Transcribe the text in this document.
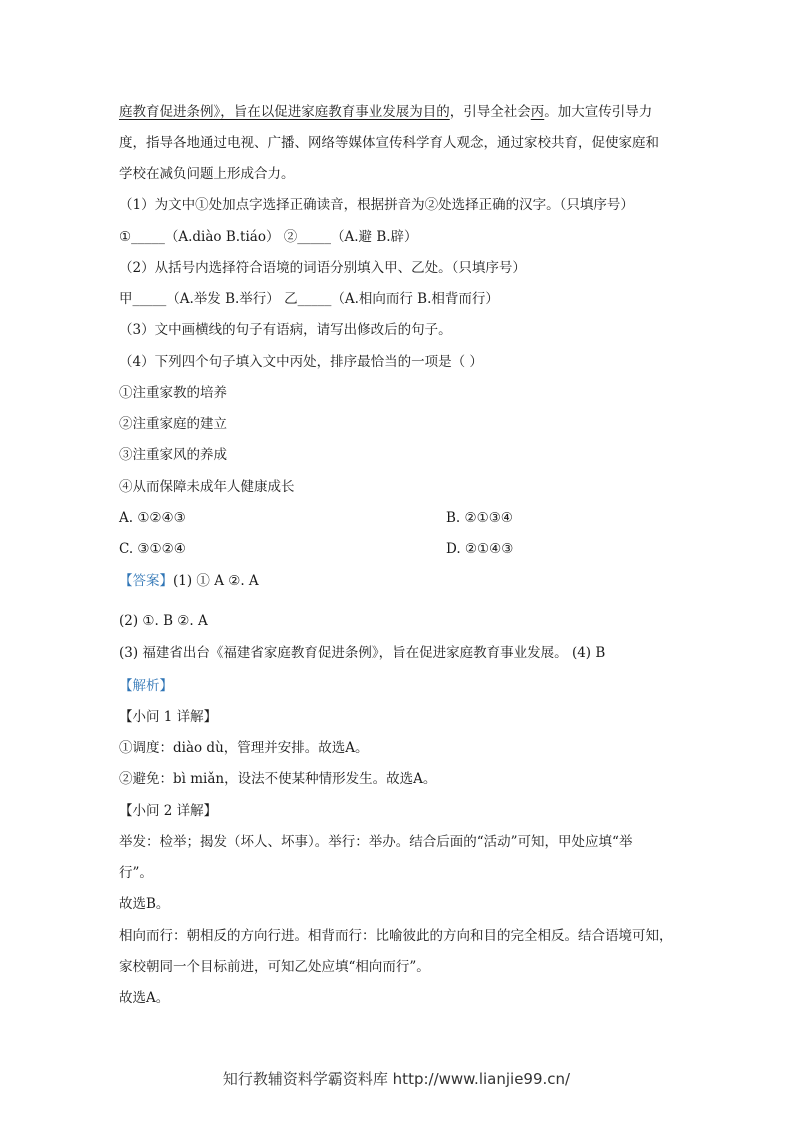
庭教育促进条例》，旨在以促进家庭教育事业发展为目的，引导全社会丙。加大宣传引导力
度，指导各地通过电视、广播、网络等媒体宣传科学育人观念，通过家校共育，促使家庭和
学校在减负问题上形成合力。
（1）为文中①处加点字选择正确读音，根据拼音为②处选择正确的汉字。（只填序号）
①_____（A.diào B.tiáo） ②_____（A.避 B.辟）
（2）从括号内选择符合语境的词语分别填入甲、乙处。（只填序号）
甲_____（A.举发 B.举行） 乙_____（A.相向而行 B.相背而行）
（3）文中画横线的句子有语病，请写出修改后的句子。
（4）下列四个句子填入文中丙处，排序最恰当的一项是（ ）
①注重家教的培养
②注重家庭的建立
③注重家风的养成
④从而保障未成年人健康成长
A. ①②④③	B. ②①③④
C. ③①②④	D. ②①④③
【答案】(1) ① A ②. A
(2) ①. B ②. A
(3) 福建省出台《福建省家庭教育促进条例》，旨在促进家庭教育事业发展。 (4) B
【解析】
【小问 1 详解】
①调度：diào dù，管理并安排。故选A。
②避免：bì miǎn，设法不使某种情形发生。故选A。
【小问 2 详解】
举发：检举；揭发（坏人、坏事）。举行：举办。结合后面的“活动”可知，甲处应填“举
行”。
故选B。
相向而行：朝相反的方向行进。相背而行：比喻彼此的方向和目的完全相反。结合语境可知，
家校朝同一个目标前进，可知乙处应填“相向而行”。
故选A。
知行教辅资料学霸资料库 http://www.lianjie99.cn/
